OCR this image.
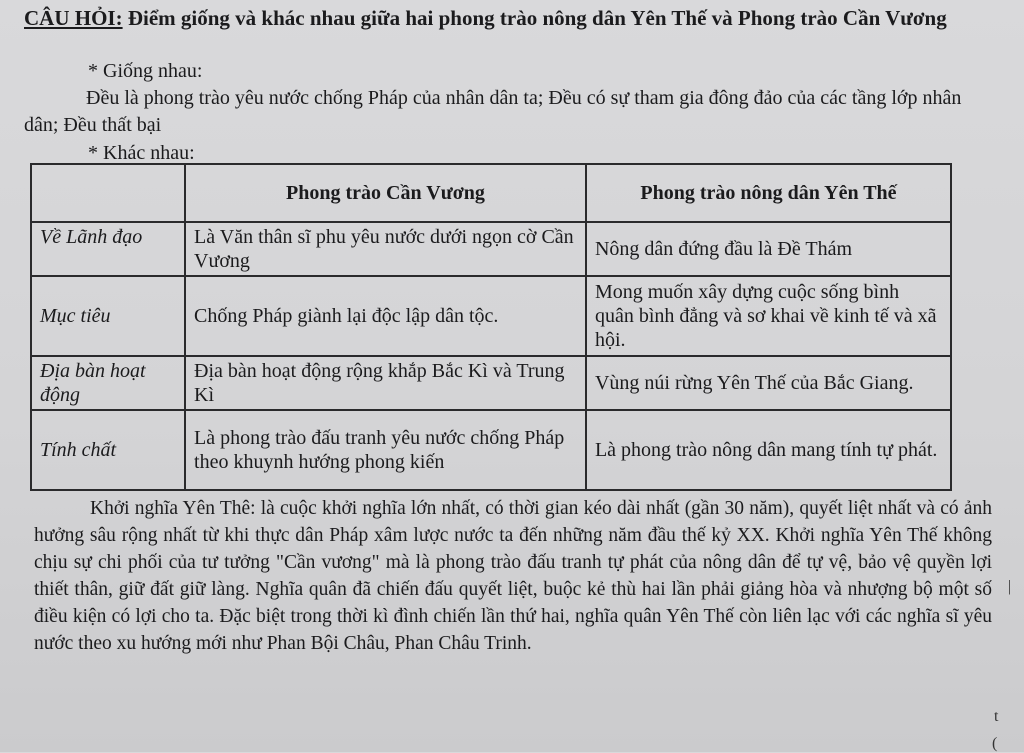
CÂU HỎI: Điểm giống và khác nhau giữa hai phong trào nông dân Yên Thế và Phong trào Cần Vương
* Giống nhau:
Đều là phong trào yêu nước chống Pháp của nhân dân ta; Đều có sự tham gia đông đảo của các tầng lớp nhân dân; Đều thất bại
* Khác nhau:
	Phong trào Cần Vương	Phong trào nông dân Yên Thế
Về Lãnh đạo	Là Văn thân sĩ phu yêu nước dưới ngọn cờ Cần Vương	Nông dân đứng đầu là Đề Thám
Mục tiêu	Chống Pháp giành lại độc lập dân tộc.	Mong muốn xây dựng cuộc sống bình quân bình đẳng và sơ khai về kinh tế và xã hội.
Địa bàn hoạt động	Địa bàn hoạt động rộng khắp Bắc Kì và Trung Kì	Vùng núi rừng Yên Thế của Bắc Giang.
Tính chất	Là phong trào đấu tranh yêu nước chống Pháp theo khuynh hướng phong kiến	Là phong trào nông dân mang tính tự phát.
Khởi nghĩa Yên Thê: là cuộc khởi nghĩa lớn nhất, có thời gian kéo dài nhất (gần 30 năm), quyết liệt nhất và có ảnh hưởng sâu rộng nhất từ khi thực dân Pháp xâm lược nước ta đến những năm đầu thế kỷ XX. Khởi nghĩa Yên Thế không chịu sự chi phối của tư tưởng "Cần vương" mà là phong trào đấu tranh tự phát của nông dân để tự vệ, bảo vệ quyền lợi thiết thân, giữ đất giữ làng. Nghĩa quân đã chiến đấu quyết liệt, buộc kẻ thù hai lần phải giảng hòa và nhượng bộ một số điều kiện có lợi cho ta. Đặc biệt trong thời kì đình chiến lần thứ hai, nghĩa quân Yên Thế còn liên lạc với các nghĩa sĩ yêu nước theo xu hướng mới như Phan Bội Châu, Phan Châu Trinh.
|
t
(
